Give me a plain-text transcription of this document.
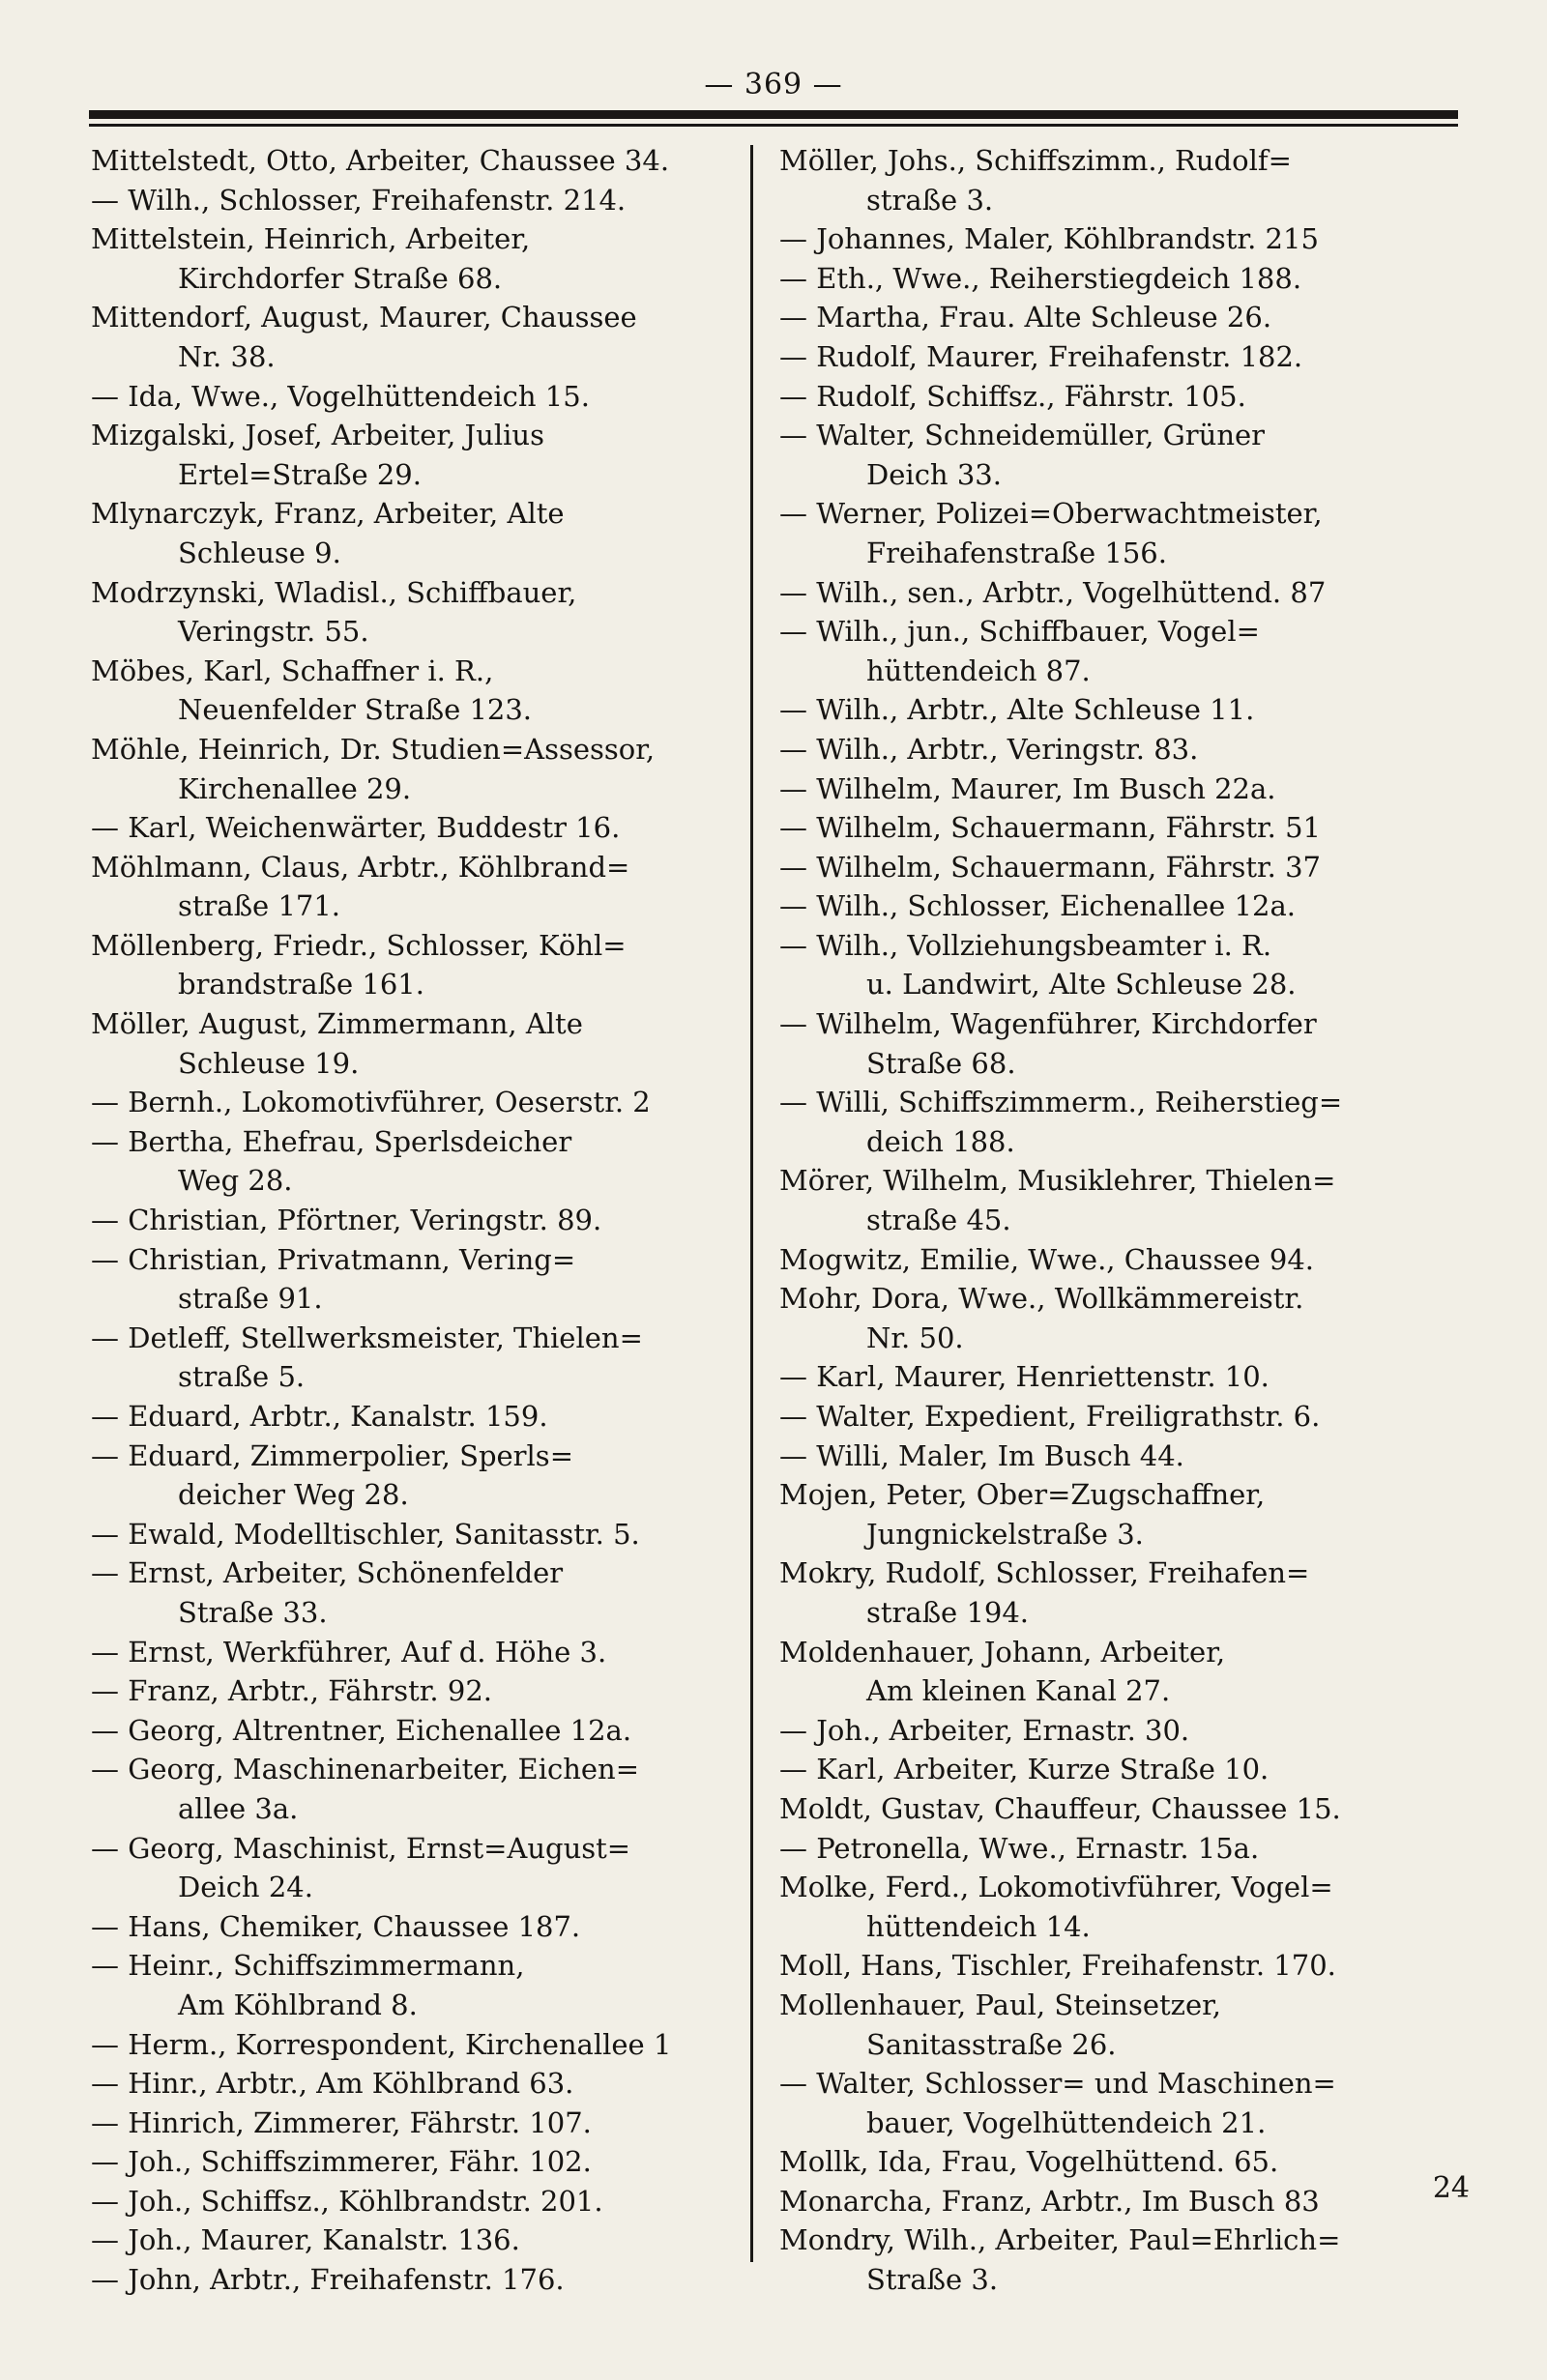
— 369 —
Mittelstedt, Otto, Arbeiter, Chaussee 34.
— Wilh., Schlosser, Freihafenstr. 214.
Mittelstein, Heinrich, Arbeiter,
Kirchdorfer Straße 68.
Mittendorf, August, Maurer, Chaussee
Nr. 38.
— Ida, Wwe., Vogelhüttendeich 15.
Mizgalski, Josef, Arbeiter, Julius
Ertel=Straße 29.
Mlynarczyk, Franz, Arbeiter, Alte
Schleuse 9.
Modrzynski, Wladisl., Schiffbauer,
Veringstr. 55.
Möbes, Karl, Schaffner i. R.,
Neuenfelder Straße 123.
Möhle, Heinrich, Dr. Studien=Assessor,
Kirchenallee 29.
— Karl, Weichenwärter, Buddestr 16.
Möhlmann, Claus, Arbtr., Köhlbrand=
straße 171.
Möllenberg, Friedr., Schlosser, Köhl=
brandstraße 161.
Möller, August, Zimmermann, Alte
Schleuse 19.
— Bernh., Lokomotivführer, Oeserstr. 2
— Bertha, Ehefrau, Sperlsdeicher
Weg 28.
— Christian, Pförtner, Veringstr. 89.
— Christian, Privatmann, Vering=
straße 91.
— Detleff, Stellwerksmeister, Thielen=
straße 5.
— Eduard, Arbtr., Kanalstr. 159.
— Eduard, Zimmerpolier, Sperls=
deicher Weg 28.
— Ewald, Modelltischler, Sanitasstr. 5.
— Ernst, Arbeiter, Schönenfelder
Straße 33.
— Ernst, Werkführer, Auf d. Höhe 3.
— Franz, Arbtr., Fährstr. 92.
— Georg, Altrentner, Eichenallee 12a.
— Georg, Maschinenarbeiter, Eichen=
allee 3a.
— Georg, Maschinist, Ernst=August=
Deich 24.
— Hans, Chemiker, Chaussee 187.
— Heinr., Schiffszimmermann,
Am Köhlbrand 8.
— Herm., Korrespondent, Kirchenallee 1
— Hinr., Arbtr., Am Köhlbrand 63.
— Hinrich, Zimmerer, Fährstr. 107.
— Joh., Schiffszimmerer, Fähr. 102.
— Joh., Schiffsz., Köhlbrandstr. 201.
— Joh., Maurer, Kanalstr. 136.
— John, Arbtr., Freihafenstr. 176.
Möller, Johs., Schiffszimm., Rudolf=
straße 3.
— Johannes, Maler, Köhlbrandstr. 215
— Eth., Wwe., Reiherstiegdeich 188.
— Martha, Frau. Alte Schleuse 26.
— Rudolf, Maurer, Freihafenstr. 182.
— Rudolf, Schiffsz., Fährstr. 105.
— Walter, Schneidemüller, Grüner
Deich 33.
— Werner, Polizei=Oberwachtmeister,
Freihafenstraße 156.
— Wilh., sen., Arbtr., Vogelhüttend. 87
— Wilh., jun., Schiffbauer, Vogel=
hüttendeich 87.
— Wilh., Arbtr., Alte Schleuse 11.
— Wilh., Arbtr., Veringstr. 83.
— Wilhelm, Maurer, Im Busch 22a.
— Wilhelm, Schauermann, Fährstr. 51
— Wilhelm, Schauermann, Fährstr. 37
— Wilh., Schlosser, Eichenallee 12a.
— Wilh., Vollziehungsbeamter i. R.
u. Landwirt, Alte Schleuse 28.
— Wilhelm, Wagenführer, Kirchdorfer
Straße 68.
— Willi, Schiffszimmerm., Reiherstieg=
deich 188.
Mörer, Wilhelm, Musiklehrer, Thielen=
straße 45.
Mogwitz, Emilie, Wwe., Chaussee 94.
Mohr, Dora, Wwe., Wollkämmereistr.
Nr. 50.
— Karl, Maurer, Henriettenstr. 10.
— Walter, Expedient, Freiligrathstr. 6.
— Willi, Maler, Im Busch 44.
Mojen, Peter, Ober=Zugschaffner,
Jungnickelstraße 3.
Mokry, Rudolf, Schlosser, Freihafen=
straße 194.
Moldenhauer, Johann, Arbeiter,
Am kleinen Kanal 27.
— Joh., Arbeiter, Ernastr. 30.
— Karl, Arbeiter, Kurze Straße 10.
Moldt, Gustav, Chauffeur, Chaussee 15.
— Petronella, Wwe., Ernastr. 15a.
Molke, Ferd., Lokomotivführer, Vogel=
hüttendeich 14.
Moll, Hans, Tischler, Freihafenstr. 170.
Mollenhauer, Paul, Steinsetzer,
Sanitasstraße 26.
— Walter, Schlosser= und Maschinen=
bauer, Vogelhüttendeich 21.
Mollk, Ida, Frau, Vogelhüttend. 65.
Monarcha, Franz, Arbtr., Im Busch 83
Mondry, Wilh., Arbeiter, Paul=Ehrlich=
Straße 3.
24
